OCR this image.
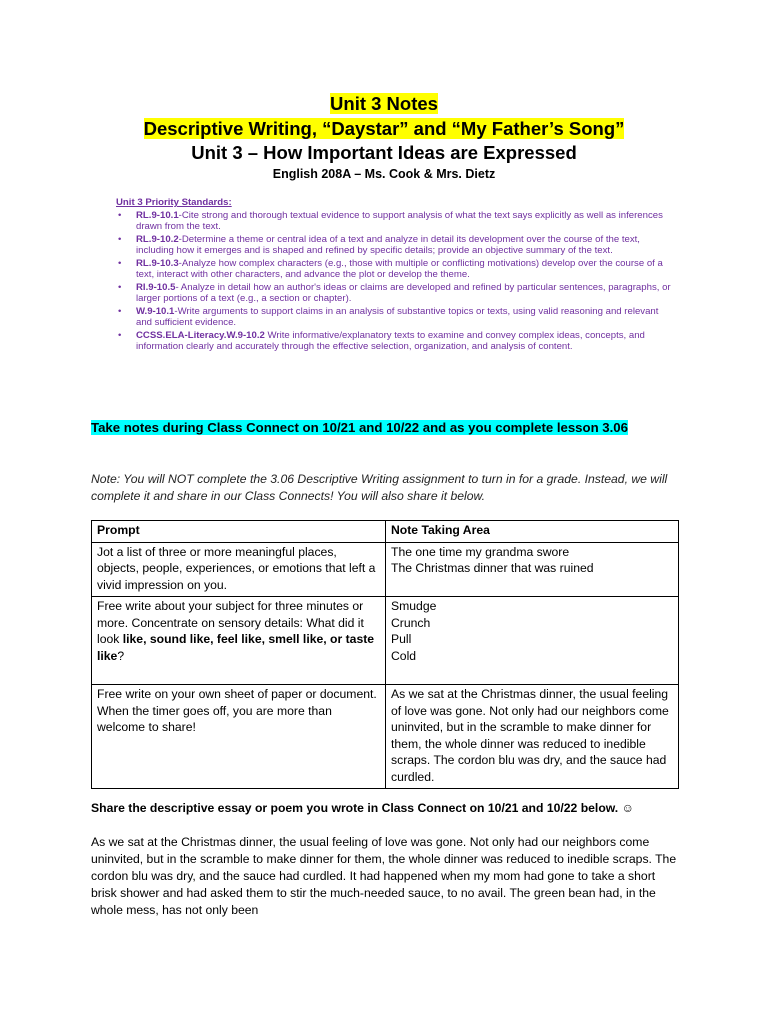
Unit 3 Notes
Descriptive Writing, “Daystar” and “My Father’s Song”
Unit 3 – How Important Ideas are Expressed
English 208A – Ms. Cook & Mrs. Dietz
Unit 3 Priority Standards:
• RL.9-10.1-Cite strong and thorough textual evidence to support analysis of what the text says explicitly as well as inferences drawn from the text.
• RL.9-10.2-Determine a theme or central idea of a text and analyze in detail its development over the course of the text, including how it emerges and is shaped and refined by specific details; provide an objective summary of the text.
• RL.9-10.3-Analyze how complex characters (e.g., those with multiple or conflicting motivations) develop over the course of a text, interact with other characters, and advance the plot or develop the theme.
• RI.9-10.5- Analyze in detail how an author's ideas or claims are developed and refined by particular sentences, paragraphs, or larger portions of a text (e.g., a section or chapter).
• W.9-10.1-Write arguments to support claims in an analysis of substantive topics or texts, using valid reasoning and relevant and sufficient evidence.
• CCSS.ELA-Literacy.W.9-10.2 Write informative/explanatory texts to examine and convey complex ideas, concepts, and information clearly and accurately through the effective selection, organization, and analysis of content.
Take notes during Class Connect on 10/21 and 10/22 and as you complete lesson 3.06
Note: You will NOT complete the 3.06 Descriptive Writing assignment to turn in for a grade. Instead, we will complete it and share in our Class Connects! You will also share it below.
Prompt	Note Taking Area
Jot a list of three or more meaningful places, objects, people, experiences, or emotions that left a vivid impression on you.	The one time my grandma swore
The Christmas dinner that was ruined

Free write about your subject for three minutes or more. Concentrate on sensory details: What did it look like, sound like, feel like, smell like, or taste like?	Smudge
Crunch
Pull
Cold

Free write on your own sheet of paper or document. When the timer goes off, you are more than welcome to share!	As we sat at the Christmas dinner, the usual feeling of love was gone. Not only had our neighbors come uninvited, but in the scramble to make dinner for them, the whole dinner was reduced to inedible scraps. The cordon blu was dry, and the sauce had curdled.
Share the descriptive essay or poem you wrote in Class Connect on 10/21 and 10/22 below. ☺
As we sat at the Christmas dinner, the usual feeling of love was gone. Not only had our neighbors come uninvited, but in the scramble to make dinner for them, the whole dinner was reduced to inedible scraps. The cordon blu was dry, and the sauce had curdled. It had happened when my mom had gone to take a short brisk shower and had asked them to stir the much-needed sauce, to no avail. The green bean had, in the whole mess, has not only been
